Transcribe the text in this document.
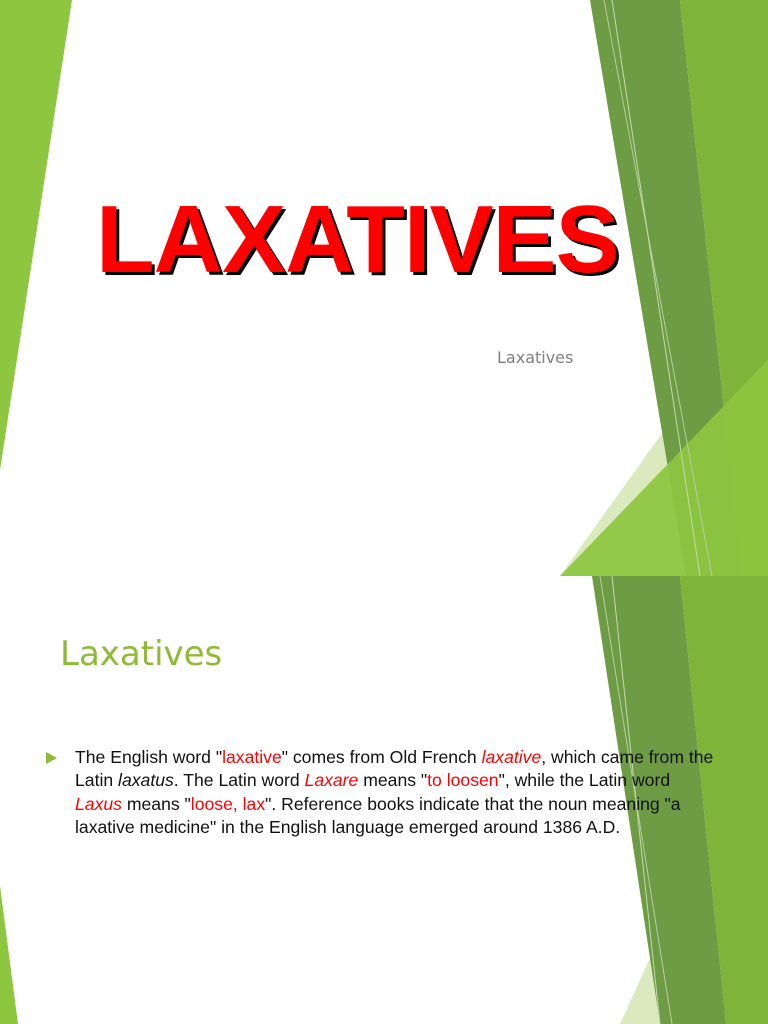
LAXATIVES
Laxatives
Laxatives
The English word "laxative" comes from Old French laxative, which came from the Latin laxatus. The Latin word Laxare means "to loosen", while the Latin word Laxus means "loose, lax". Reference books indicate that the noun meaning "a laxative medicine" in the English language emerged around 1386 A.D.
